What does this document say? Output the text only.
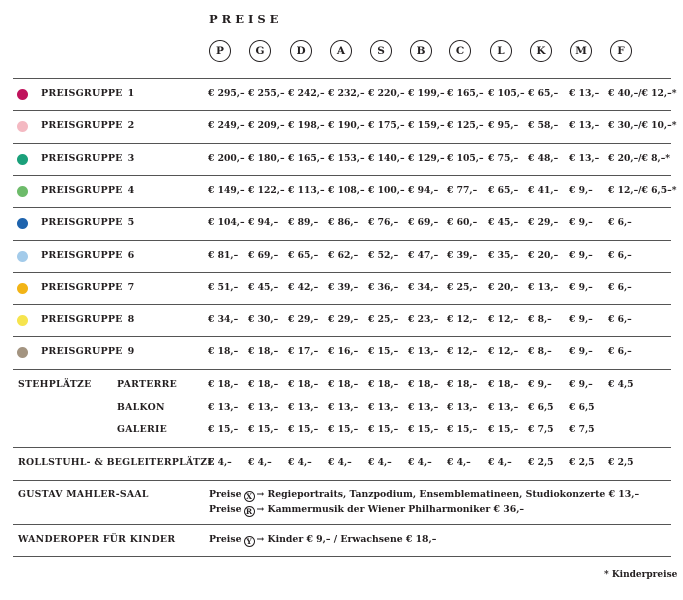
PREISE
P	G	D	A	S	B	C	L	K	M	F
PREISGRUPPE 1	€ 295,– € 255,– € 242,– € 232,– € 220,– € 199,– € 165,– € 105,– € 65,– € 13,– € 40,–/€ 12,–*
PREISGRUPPE 2	€ 249,– € 209,– € 198,– € 190,– € 175,– € 159,– € 125,– € 95,– € 58,– € 13,– € 30,–/€ 10,–*
PREISGRUPPE 3	€ 200,– € 180,– € 165,– € 153,– € 140,– € 129,– € 105,– € 75,– € 48,– € 13,– € 20,–/€ 8,–*
PREISGRUPPE 4	€ 149,– € 122,– € 113,– € 108,– € 100,– € 94,– € 77,– € 65,– € 41,– € 9,– € 12,–/€ 6,5–*
PREISGRUPPE 5	€ 104,– € 94,– € 89,– € 86,– € 76,– € 69,– € 60,– € 45,– € 29,– € 9,– € 6,–
PREISGRUPPE 6	€ 81,– € 69,– € 65,– € 62,– € 52,– € 47,– € 39,– € 35,– € 20,– € 9,– € 6,–
PREISGRUPPE 7	€ 51,– € 45,– € 42,– € 39,– € 36,– € 34,– € 25,– € 20,– € 13,– € 9,– € 6,–
PREISGRUPPE 8	€ 34,– € 30,– € 29,– € 29,– € 25,– € 23,– € 12,– € 12,– € 8,– € 9,– € 6,–
PREISGRUPPE 9	€ 18,– € 18,– € 17,– € 16,– € 15,– € 13,– € 12,– € 12,– € 8,– € 9,– € 6,–
STEHPLÄTZE	PARTERRE	€ 18,– € 18,– € 18,– € 18,– € 18,– € 18,– € 18,– € 18,– € 9,– € 9,– € 4,5
BALKON	€ 13,– € 13,– € 13,– € 13,– € 13,– € 13,– € 13,– € 13,– € 6,5 € 6,5
GALERIE	€ 15,– € 15,– € 15,– € 15,– € 15,– € 15,– € 15,– € 15,– € 7,5 € 7,5
ROLLSTUHL- & BEGLEITERPLÄTZE
€ 4,– € 4,– € 4,– € 4,– € 4,– € 4,– € 4,– € 4,– € 2,5 € 2,5 € 2,5
GUSTAV MAHLER-SAAL	Preise X → Regieportraits, Tanzpodium, Ensemblematineen, Studiokonzerte € 13,–
Preise R → Kammermusik der Wiener Philharmoniker € 36,–
WANDEROPER FÜR KINDER	Preise Y → Kinder € 9,– / Erwachsene € 18,–
* Kinderpreise
